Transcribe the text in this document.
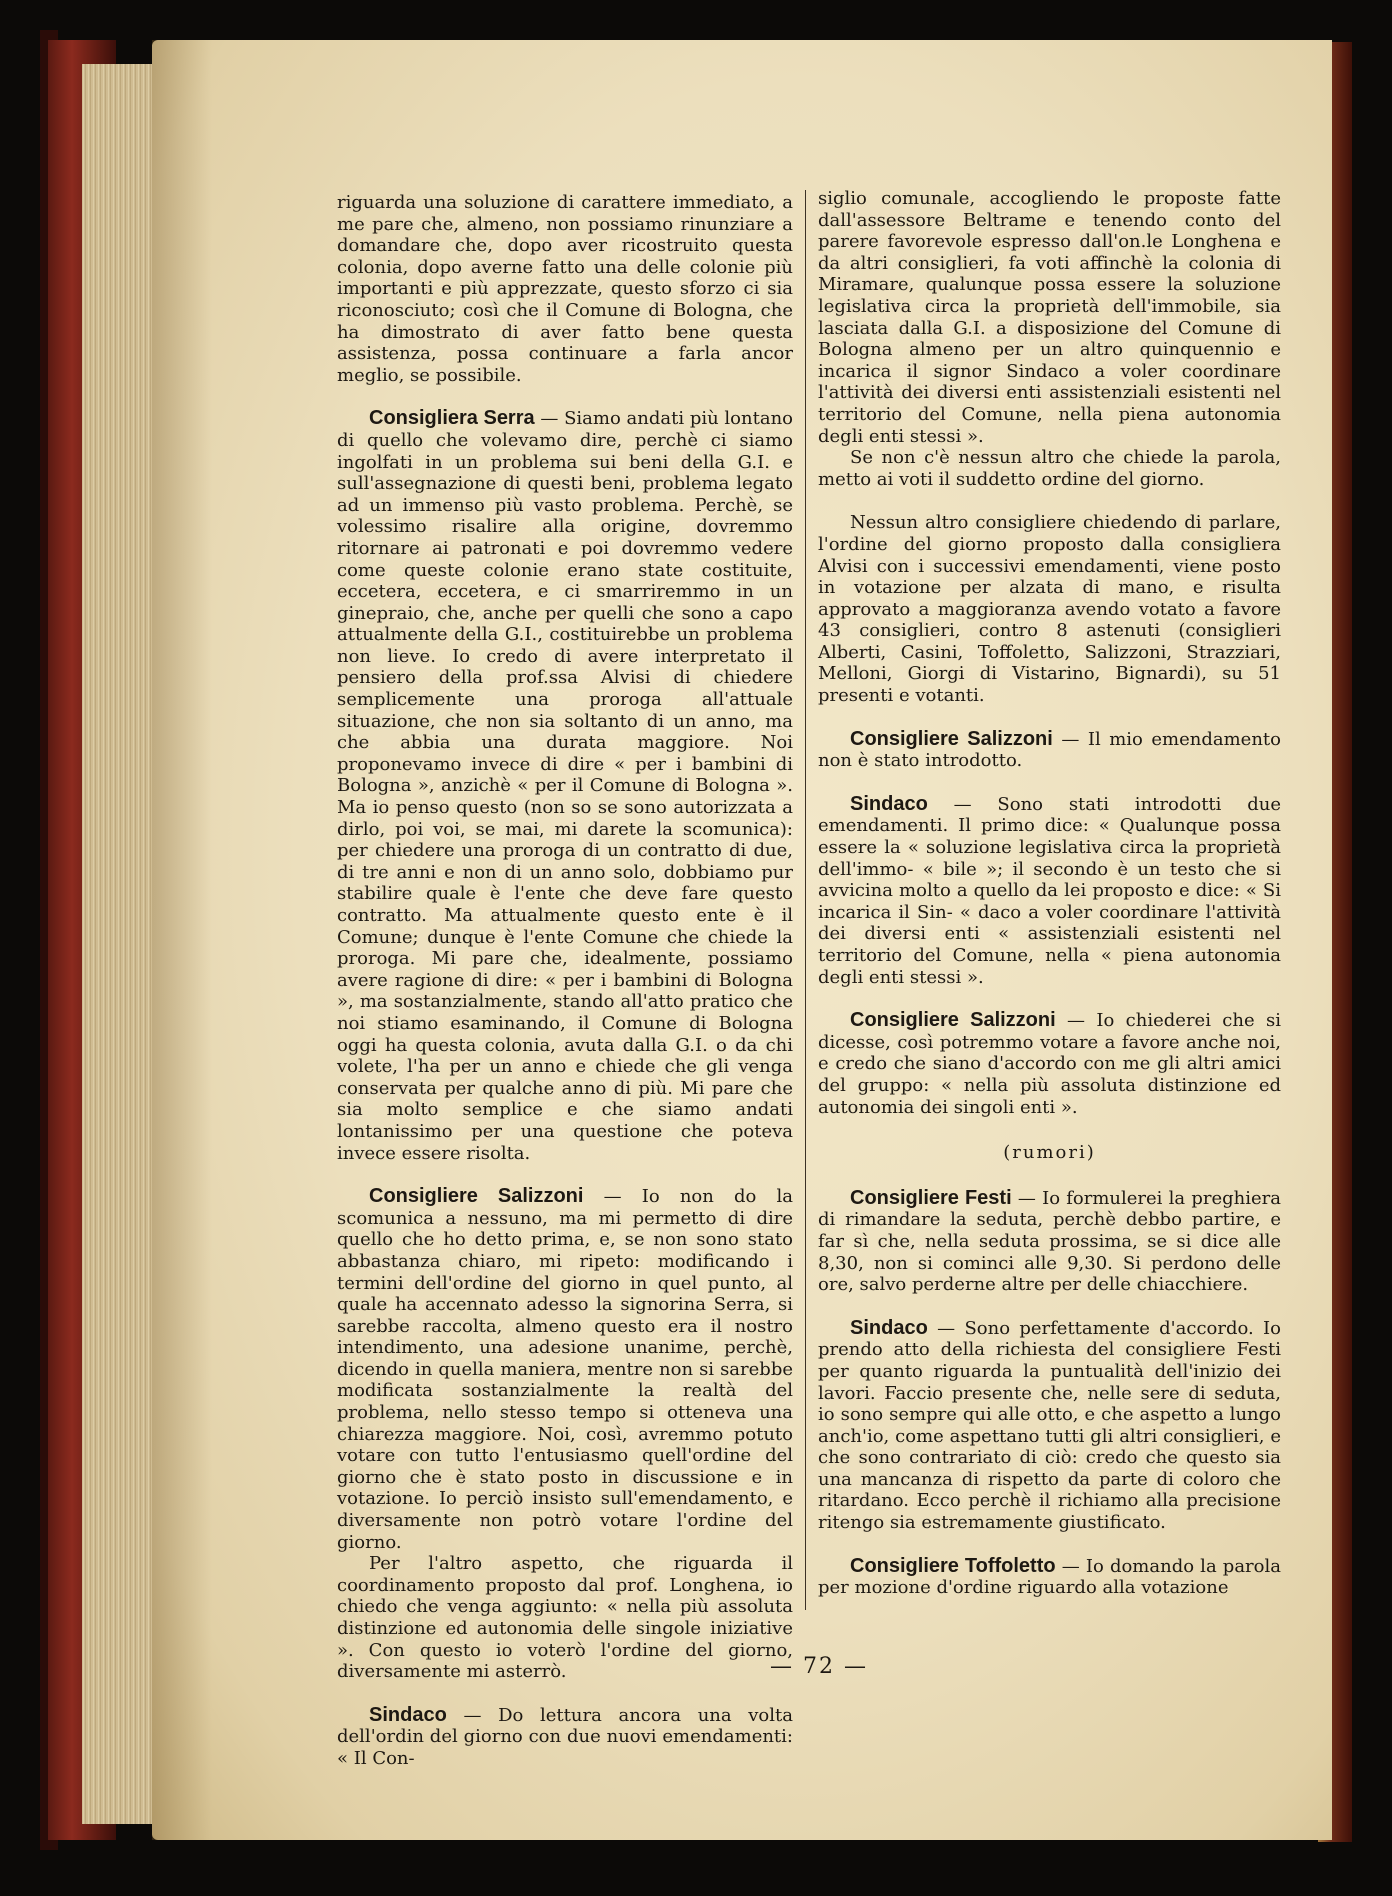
riguarda una soluzione di carattere immediato, a me pare che, almeno, non possiamo rinunziare a domandare che, dopo aver ricostruito questa colonia, dopo averne fatto una delle colonie più importanti e più apprezzate, questo sforzo ci sia riconosciuto; così che il Comune di Bologna, che ha dimostrato di aver fatto bene questa assistenza, possa continuare a farla ancor meglio, se possibile.

Consigliera Serra — Siamo andati più lontano di quello che volevamo dire, perchè ci siamo ingolfati in un problema sui beni della G.I. e sull'assegnazione di questi beni, problema legato ad un immenso più vasto problema. Perchè, se volessimo risalire alla origine, dovremmo ritornare ai patronati e poi dovremmo vedere come queste colonie erano state costituite, eccetera, eccetera, e ci smarriremmo in un ginepraio, che, anche per quelli che sono a capo attualmente della G.I., costituirebbe un problema non lieve. Io credo di avere interpretato il pensiero della prof.ssa Alvisi di chiedere semplicemente una proroga all'attuale situazione, che non sia soltanto di un anno, ma che abbia una durata maggiore. Noi proponevamo invece di dire « per i bambini di Bologna », anzichè « per il Comune di Bologna ». Ma io penso questo (non so se sono autorizzata a dirlo, poi voi, se mai, mi darete la scomunica): per chiedere una proroga di un contratto di due, di tre anni e non di un anno solo, dobbiamo pur stabilire quale è l'ente che deve fare questo contratto. Ma attualmente questo ente è il Comune; dunque è l'ente Comune che chiede la proroga. Mi pare che, idealmente, possiamo avere ragione di dire: « per i bambini di Bologna », ma sostanzialmente, stando all'atto pratico che noi stiamo esaminando, il Comune di Bologna oggi ha questa colonia, avuta dalla G.I. o da chi volete, l'ha per un anno e chiede che gli venga conservata per qualche anno di più. Mi pare che sia molto semplice e che siamo andati lontanissimo per una questione che poteva invece essere risolta.

Consigliere Salizzoni — Io non do la scomunica a nessuno, ma mi permetto di dire quello che ho detto prima, e, se non sono stato abbastanza chiaro, mi ripeto: modificando i termini dell'ordine del giorno in quel punto, al quale ha accennato adesso la signorina Serra, si sarebbe raccolta, almeno questo era il nostro intendimento, una adesione unanime, perchè, dicendo in quella maniera, mentre non si sarebbe modificata sostanzialmente la realtà del problema, nello stesso tempo si otteneva una chiarezza maggiore. Noi, così, avremmo potuto votare con tutto l'entusiasmo quell'ordine del giorno che è stato posto in discussione e in votazione. Io perciò insisto sull'emendamento, e diversamente non potrò votare l'ordine del giorno.

Per l'altro aspetto, che riguarda il coordinamento proposto dal prof. Longhena, io chiedo che venga aggiunto: « nella più assoluta distinzione ed autonomia delle singole iniziative ». Con questo io voterò l'ordine del giorno, diversamente mi asterrò.

Sindaco — Do lettura ancora una volta dell'ordin del giorno con due nuovi emendamenti: « Il Con-

siglio comunale, accogliendo le proposte fatte dall'assessore Beltrame e tenendo conto del parere favorevole espresso dall'on.le Longhena e da altri consiglieri, fa voti affinchè la colonia di Miramare, qualunque possa essere la soluzione legislativa circa la proprietà dell'immobile, sia lasciata dalla G.I. a disposizione del Comune di Bologna almeno per un altro quinquennio e incarica il signor Sindaco a voler coordinare l'attività dei diversi enti assistenziali esistenti nel territorio del Comune, nella piena autonomia degli enti stessi ».

Se non c'è nessun altro che chiede la parola, metto ai voti il suddetto ordine del giorno.

Nessun altro consigliere chiedendo di parlare, l'ordine del giorno proposto dalla consigliera Alvisi con i successivi emendamenti, viene posto in votazione per alzata di mano, e risulta approvato a maggioranza avendo votato a favore 43 consiglieri, contro 8 astenuti (consiglieri Alberti, Casini, Toffoletto, Salizzoni, Strazziari, Melloni, Giorgi di Vistarino, Bignardi), su 51 presenti e votanti.

Consigliere Salizzoni — Il mio emendamento non è stato introdotto.

Sindaco — Sono stati introdotti due emendamenti. Il primo dice: « Qualunque possa essere la « soluzione legislativa circa la proprietà dell'immo- « bile »; il secondo è un testo che si avvicina molto a quello da lei proposto e dice: « Si incarica il Sin- « daco a voler coordinare l'attività dei diversi enti « assistenziali esistenti nel territorio del Comune, nella « piena autonomia degli enti stessi ».

Consigliere Salizzoni — Io chiederei che si dicesse, così potremmo votare a favore anche noi, e credo che siano d'accordo con me gli altri amici del gruppo: « nella più assoluta distinzione ed autonomia dei singoli enti ».

(rumori)

Consigliere Festi — Io formulerei la preghiera di rimandare la seduta, perchè debbo partire, e far sì che, nella seduta prossima, se si dice alle 8,30, non si cominci alle 9,30. Si perdono delle ore, salvo perderne altre per delle chiacchiere.

Sindaco — Sono perfettamente d'accordo. Io prendo atto della richiesta del consigliere Festi per quanto riguarda la puntualità dell'inizio dei lavori. Faccio presente che, nelle sere di seduta, io sono sempre qui alle otto, e che aspetto a lungo anch'io, come aspettano tutti gli altri consiglieri, e che sono contrariato di ciò: credo che questo sia una mancanza di rispetto da parte di coloro che ritardano. Ecco perchè il richiamo alla precisione ritengo sia estremamente giustificato.

Consigliere Toffoletto — Io domando la parola per mozione d'ordine riguardo alla votazione

— 72 —
